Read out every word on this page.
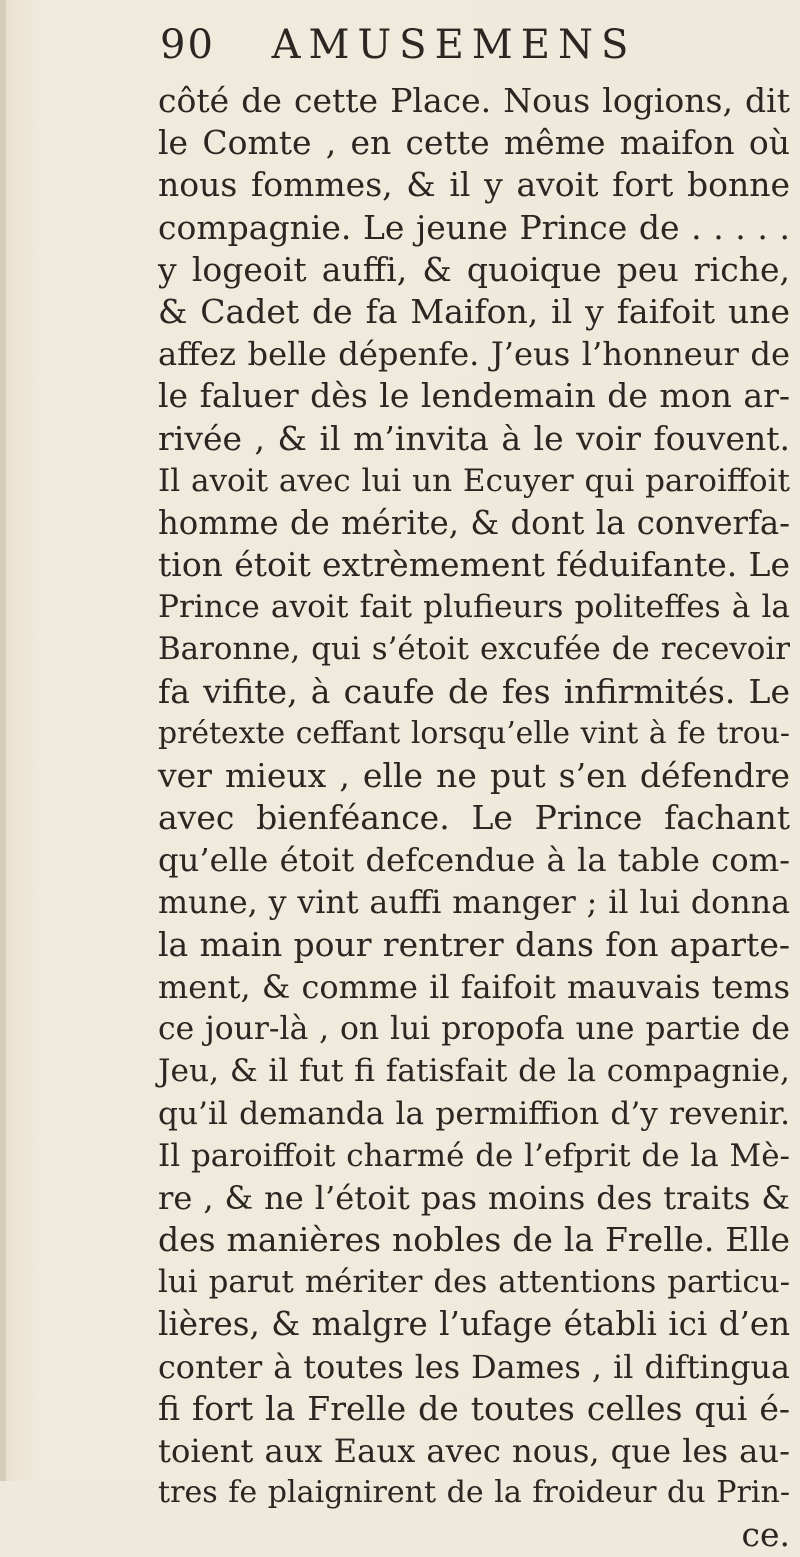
90 AMUSEMENS
côté de cette Place. Nous logions, dit
le Comte , en cette même maifon où
nous fommes, & il y avoit fort bonne
compagnie. Le jeune Prince de . . . . .
y logeoit auffi, & quoique peu riche,
& Cadet de fa Maifon, il y faifoit une
affez belle dépenfe. J’eus l’honneur de
le faluer dès le lendemain de mon ar-
rivée , & il m’invita à le voir fouvent.
Il avoit avec lui un Ecuyer qui paroiffoit
homme de mérite, & dont la converfa-
tion étoit extrèmement féduifante. Le
Prince avoit fait plufieurs politeffes à la
Baronne, qui s’étoit excufée de recevoir
fa vifite, à caufe de fes infirmités. Le
prétexte ceffant lorsqu’elle vint à fe trou-
ver mieux , elle ne put s’en défendre
avec bienféance. Le Prince fachant
qu’elle étoit defcendue à la table com-
mune, y vint auffi manger ; il lui donna
la main pour rentrer dans fon aparte-
ment, & comme il faifoit mauvais tems
ce jour-là , on lui propofa une partie de
Jeu, & il fut fi fatisfait de la compagnie,
qu’il demanda la permiffion d’y revenir.
Il paroiffoit charmé de l’efprit de la Mè-
re , & ne l’étoit pas moins des traits &
des manières nobles de la Frelle. Elle
lui parut mériter des attentions particu-
lières, & malgre l’ufage établi ici d’en
conter à toutes les Dames , il diftingua
fi fort la Frelle de toutes celles qui é-
toient aux Eaux avec nous, que les au-
tres fe plaignirent de la froideur du Prin-
ce.
